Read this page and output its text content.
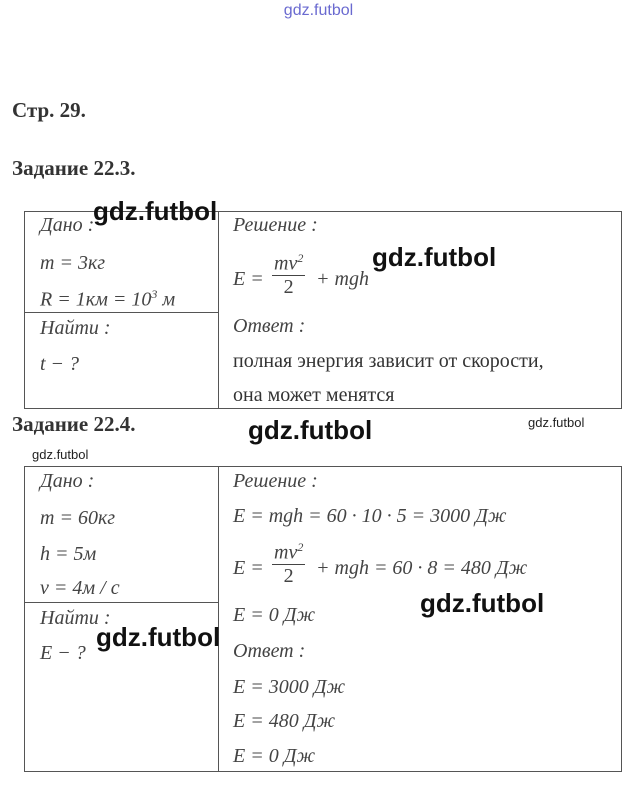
gdz.futbol
Стр. 29.
Задание 22.3.
Дано :
m = 3кг
$R = 1км = 10^3$ м
Найти :
t − ?
Решение :
$E = \frac{mv^2}{2}$ + mgh
Ответ :
полная энергия зависит от скорости,
она может менятся
Задание 22.4.
Дано :
m = 60кг
h = 5м
v = 4м / с
Найти :
E − ?
Решение :
E = mgh = 60 · 10 · 5 = 3000 Дж
$E = \frac{mv^2}{2}$ + mgh = 60 · 8 = 480 Дж
E = 0 Дж
Ответ :
E = 3000 Дж
E = 480 Дж
E = 0 Дж
gdz.futbol
gdz.futbol
gdz.futbol	gdz.futbol
gdz.futbol
gdz.futbol
gdz.futbol
